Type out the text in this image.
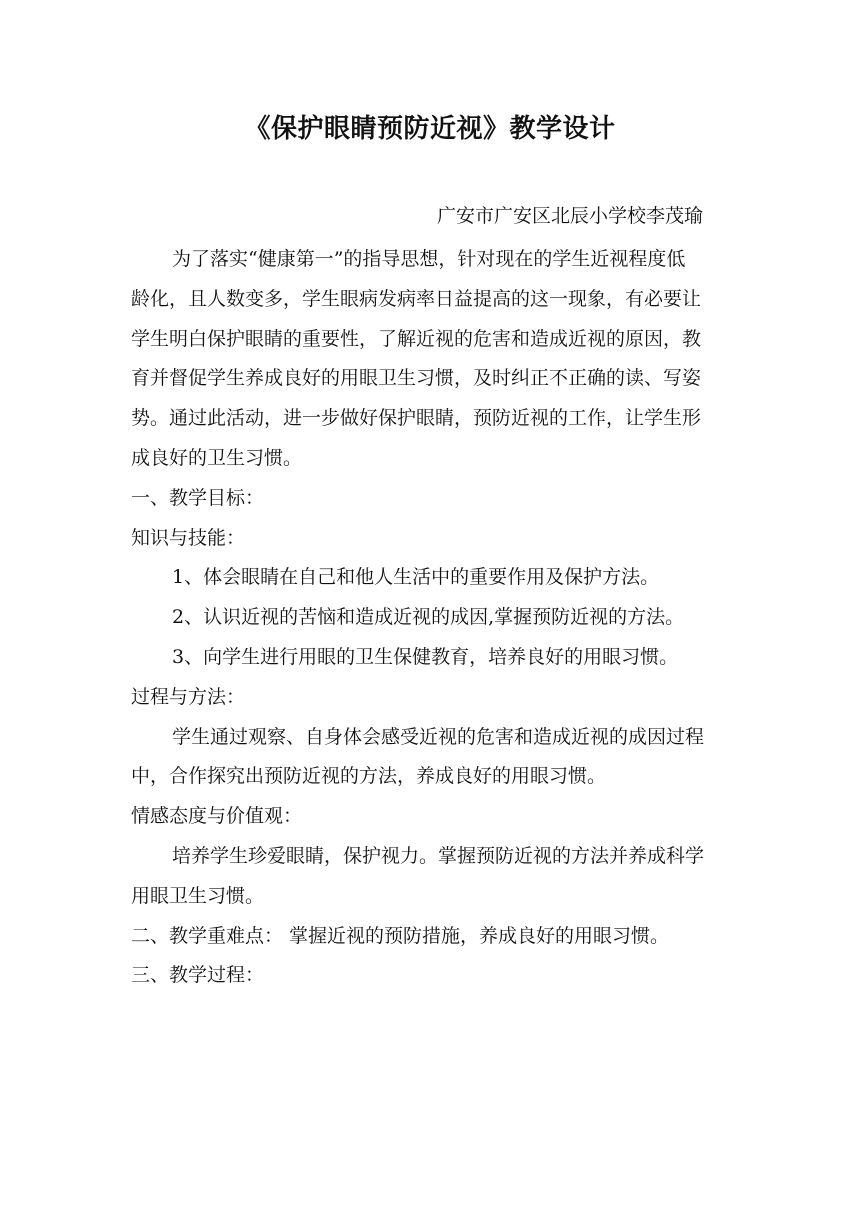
《保护眼睛预防近视》教学设计
广安市广安区北辰小学校李茂瑜
为了落实“健康第一”的指导思想，针对现在的学生近视程度低
龄化，且人数变多，学生眼病发病率日益提高的这一现象，有必要让
学生明白保护眼睛的重要性，了解近视的危害和造成近视的原因，教
育并督促学生养成良好的用眼卫生习惯，及时纠正不正确的读、写姿
势。通过此活动，进一步做好保护眼睛，预防近视的工作，让学生形
成良好的卫生习惯。
一、教学目标：
知识与技能：
1、体会眼睛在自己和他人生活中的重要作用及保护方法。
2、认识近视的苦恼和造成近视的成因,掌握预防近视的方法。
3、向学生进行用眼的卫生保健教育，培养良好的用眼习惯。
过程与方法：
学生通过观察、自身体会感受近视的危害和造成近视的成因过程
中，合作探究出预防近视的方法，养成良好的用眼习惯。
情感态度与价值观：
培养学生珍爱眼睛，保护视力。掌握预防近视的方法并养成科学
用眼卫生习惯。
二、教学重难点： 掌握近视的预防措施，养成良好的用眼习惯。
三、教学过程：
